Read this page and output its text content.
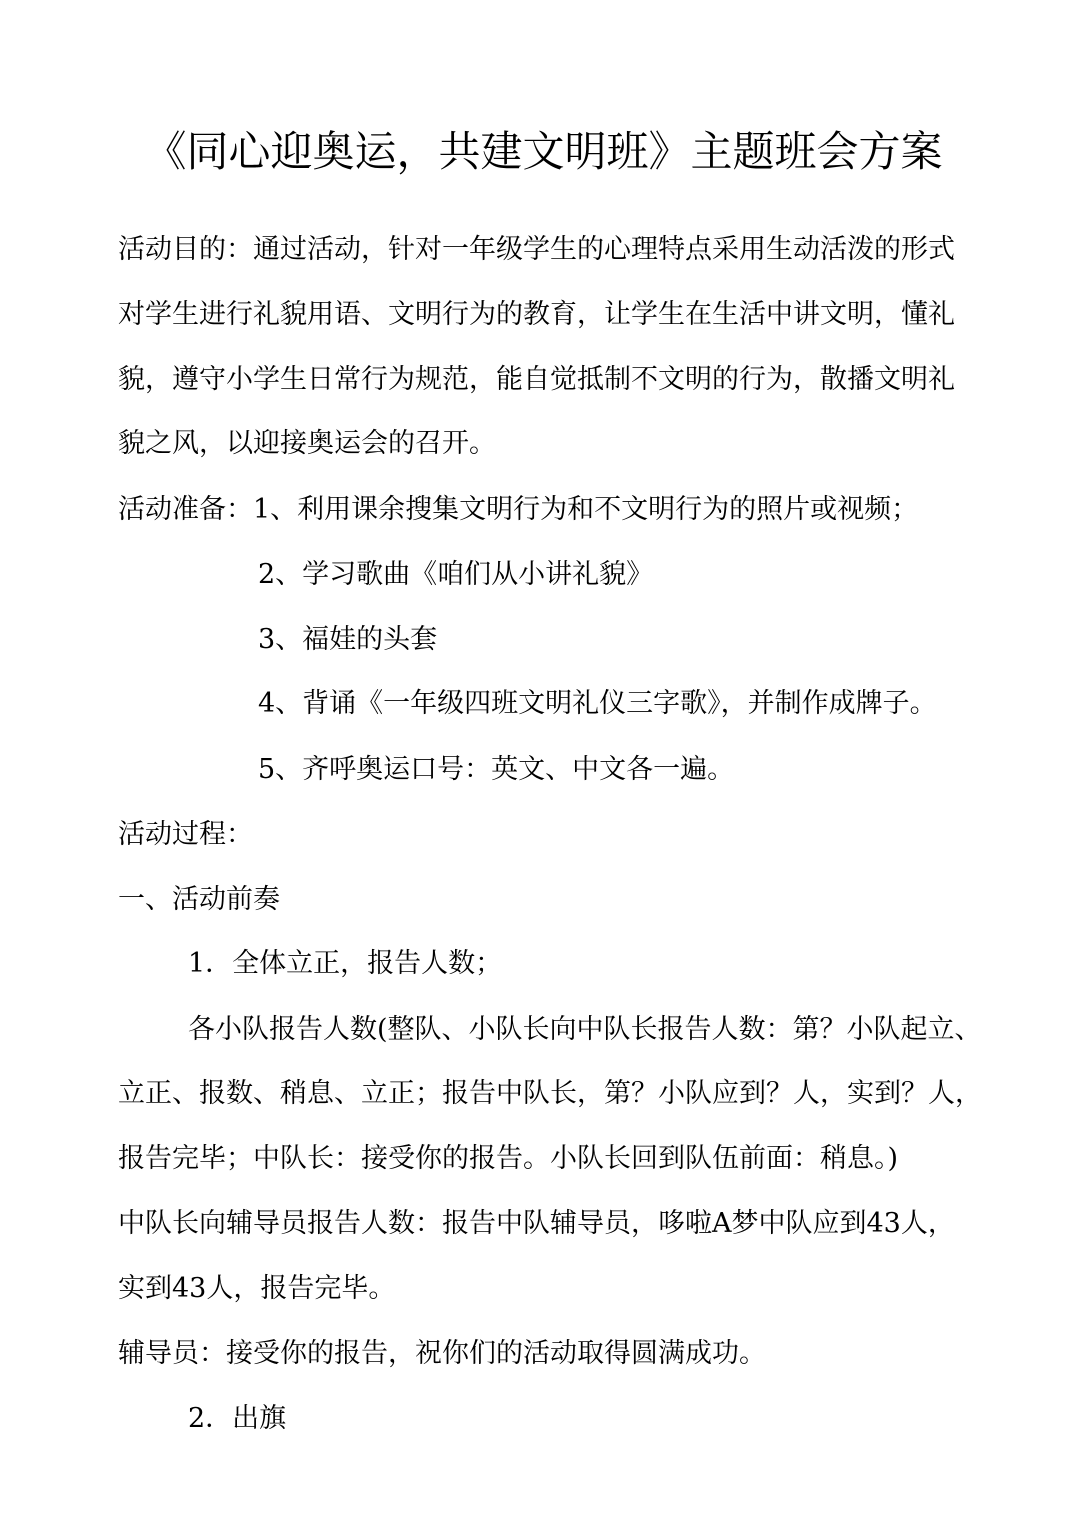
《同心迎奥运，共建文明班》主题班会方案
活动目的：通过活动，针对一年级学生的心理特点采用生动活泼的形式
对学生进行礼貌用语、文明行为的教育，让学生在生活中讲文明，懂礼
貌，遵守小学生日常行为规范，能自觉抵制不文明的行为，散播文明礼
貌之风，以迎接奥运会的召开。
活动准备：1、利用课余搜集文明行为和不文明行为的照片或视频；
2、学习歌曲《咱们从小讲礼貌》
3、福娃的头套
4、背诵《一年级四班文明礼仪三字歌》，并制作成牌子。
5、齐呼奥运口号：英文、中文各一遍。
活动过程：
一、活动前奏
1．全体立正，报告人数；
各小队报告人数(整队、小队长向中队长报告人数：第？小队起立、
立正、报数、稍息、立正；报告中队长，第？小队应到？人，实到？人，
报告完毕；中队长：接受你的报告。小队长回到队伍前面：稍息。)
中队长向辅导员报告人数：报告中队辅导员，哆啦A梦中队应到43人，
实到43人，报告完毕。
辅导员：接受你的报告，祝你们的活动取得圆满成功。
2．出旗
